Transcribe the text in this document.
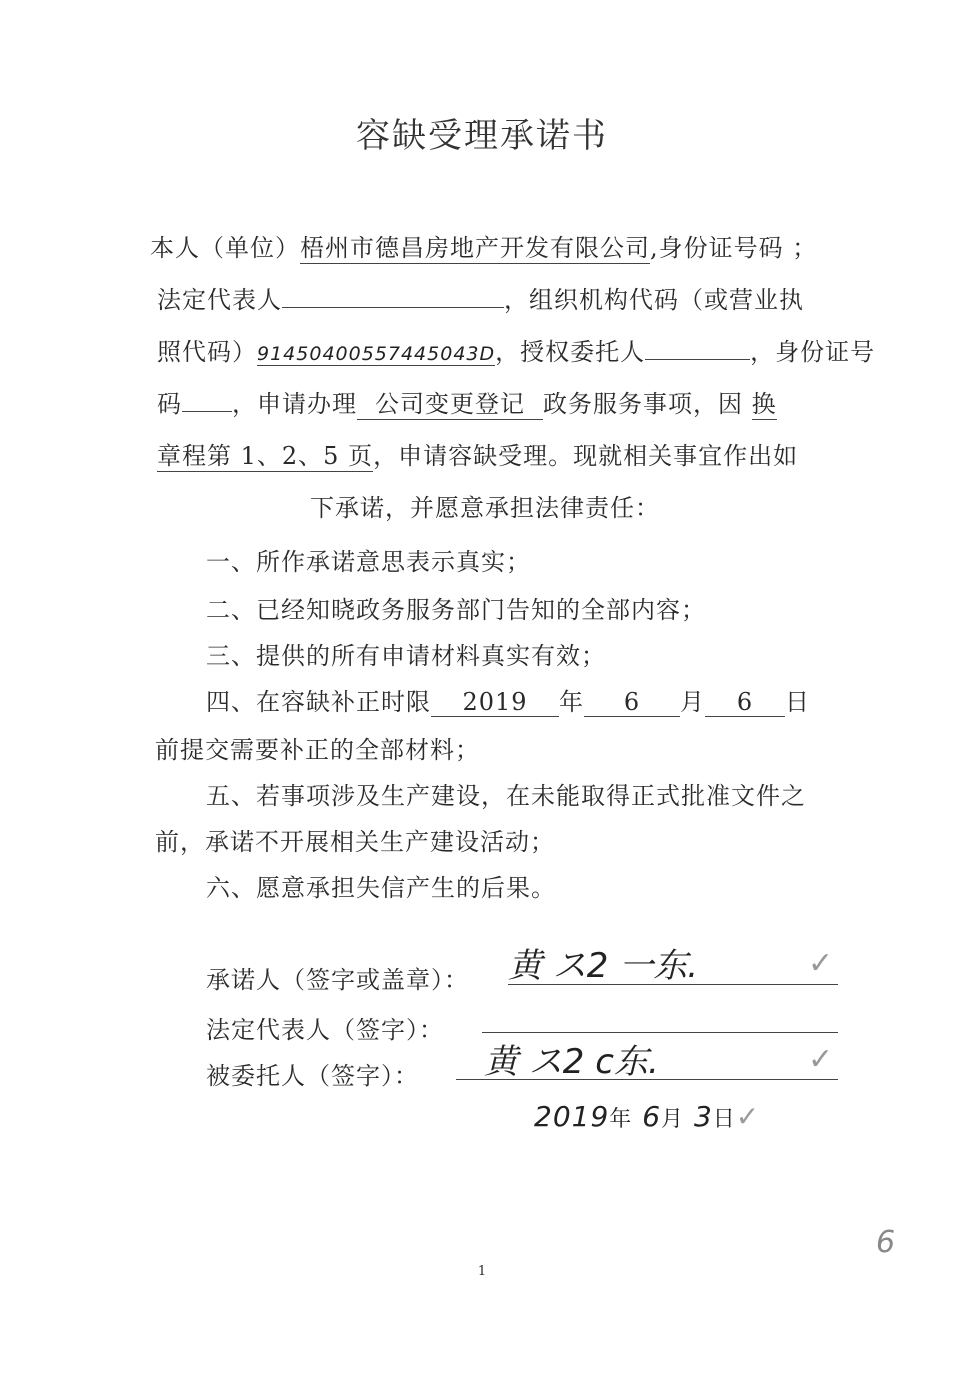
容缺受理承诺书
本人（单位）梧州市德昌房地产开发有限公司,身份证号码 ；
法定代表人	，组织机构代码（或营业执
照代码）91450400557445043D，授权委托人	，身份证号
码 ，申请办理 公司变更登记 政务服务事项，因 换
章程第 1、2、5 页，申请容缺受理。现就相关事宜作出如
下承诺，并愿意承担法律责任：
一、所作承诺意思表示真实；
二、已经知晓政务服务部门告知的全部内容；
三、提供的所有申请材料真实有效；
四、在容缺补正时限 2019 年 6 月 6 日
前提交需要补正的全部材料；
五、若事项涉及生产建设，在未能取得正式批准文件之
前，承诺不开展相关生产建设活动；
六、愿意承担失信产生的后果。
承诺人（签字或盖章）： 黄 ス2 一东.	✓
法定代表人（签字）：
被委托人（签字）： 黄 ス2 c东.	✓
2019年 6月 3日✓
1
6
